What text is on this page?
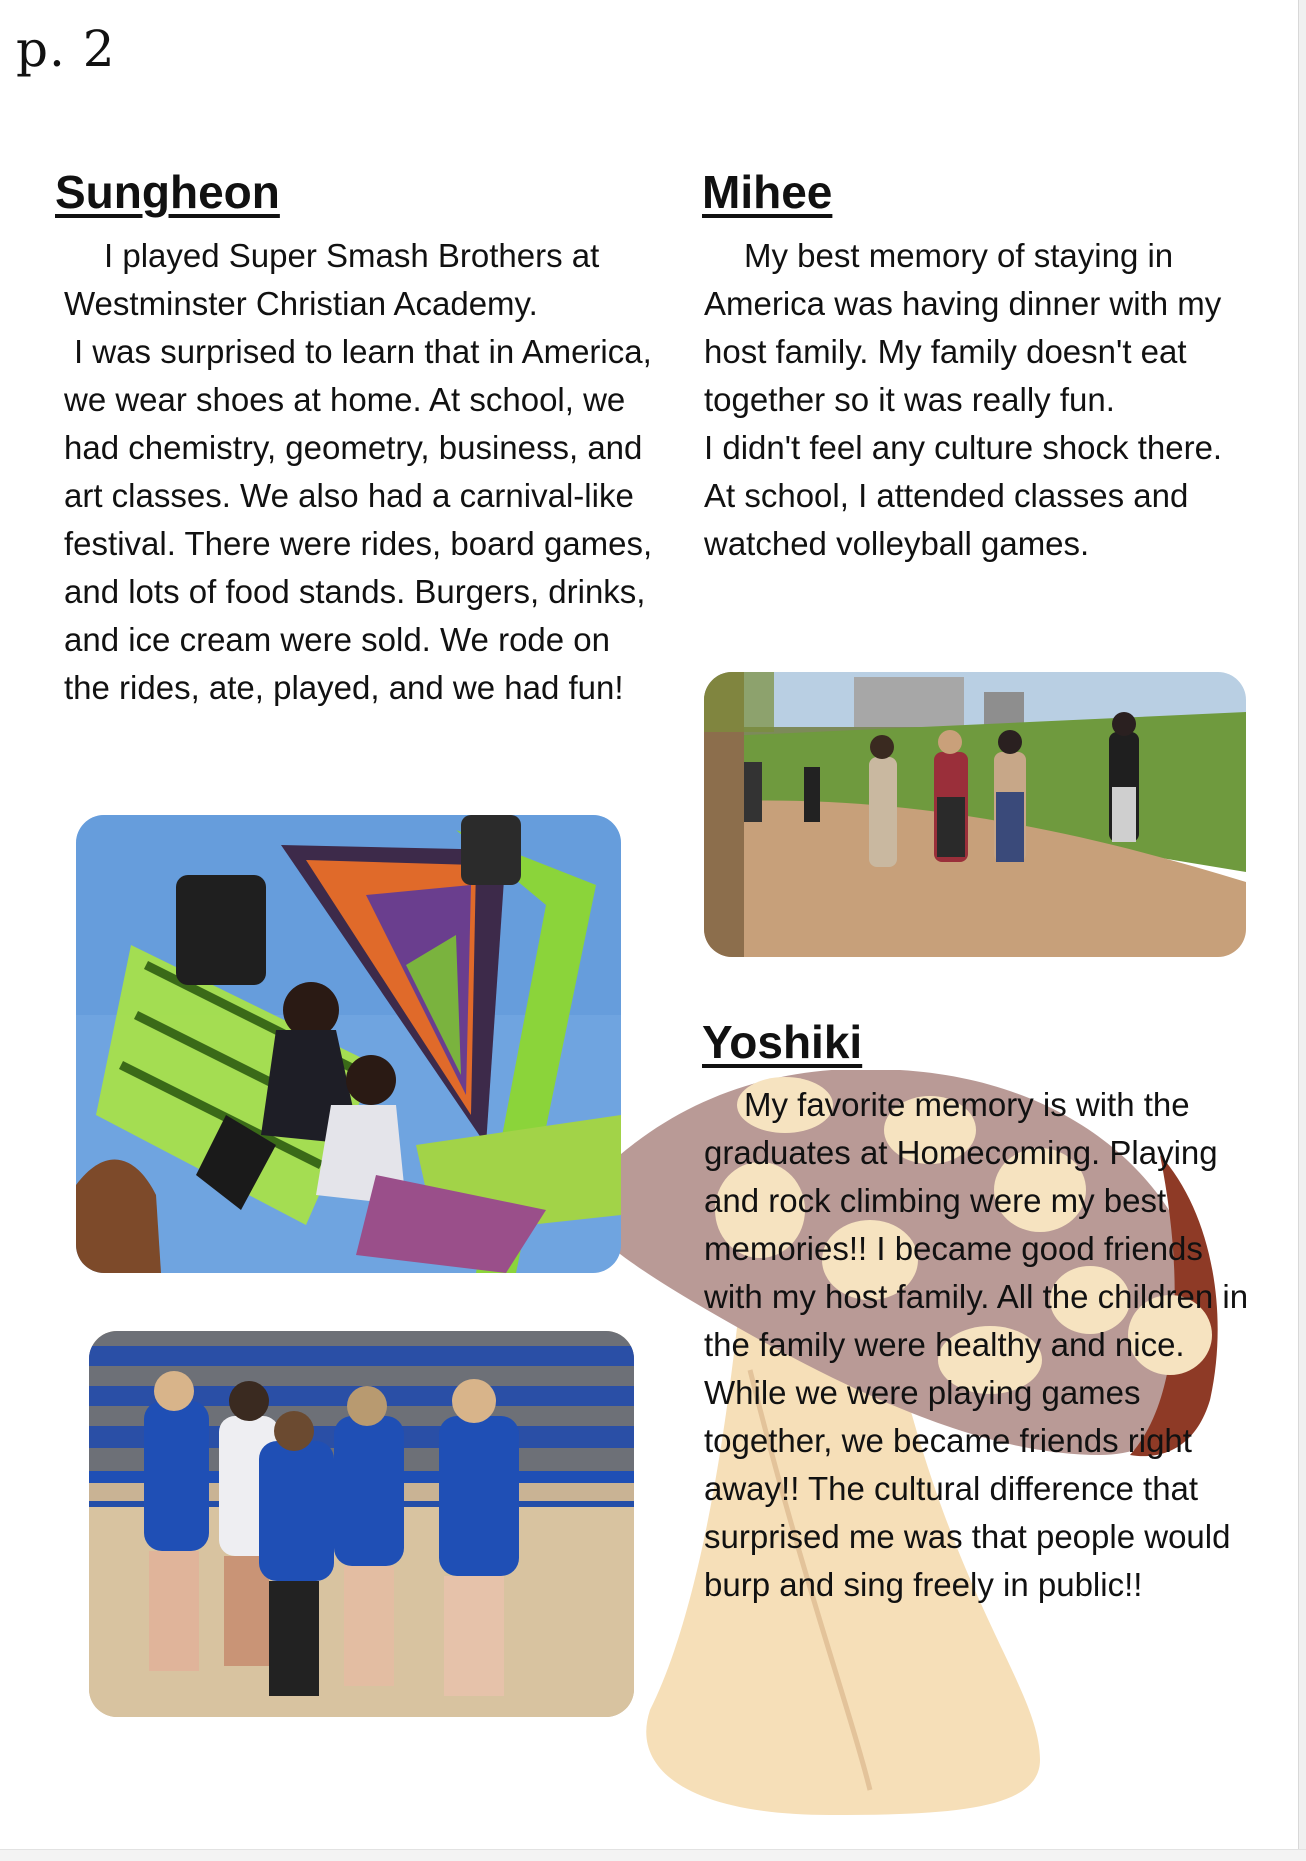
p. 2
Sungheon

I played Super Smash Brothers at Westminster Christian Academy.

I was surprised to learn that in America, we wear shoes at home. At school, we had chemistry, geometry, business, and art classes. We also had a carnival-like festival. There were rides, board games, and lots of food stands. Burgers, drinks, and ice cream were sold. We rode on the rides, ate, played, and we had fun!

Mihee

My best memory of staying in America was having dinner with my host family. My family doesn't eat together so it was really fun.

I didn't feel any culture shock there. At school, I attended classes and watched volleyball games.

Yoshiki

My favorite memory is with the graduates at Homecoming. Playing and rock climbing were my best memories!! I became good friends with my host family. All the children in the family were healthy and nice. While we were playing games together, we became friends right away!! The cultural difference that surprised me was that people would burp and sing freely in public!!
